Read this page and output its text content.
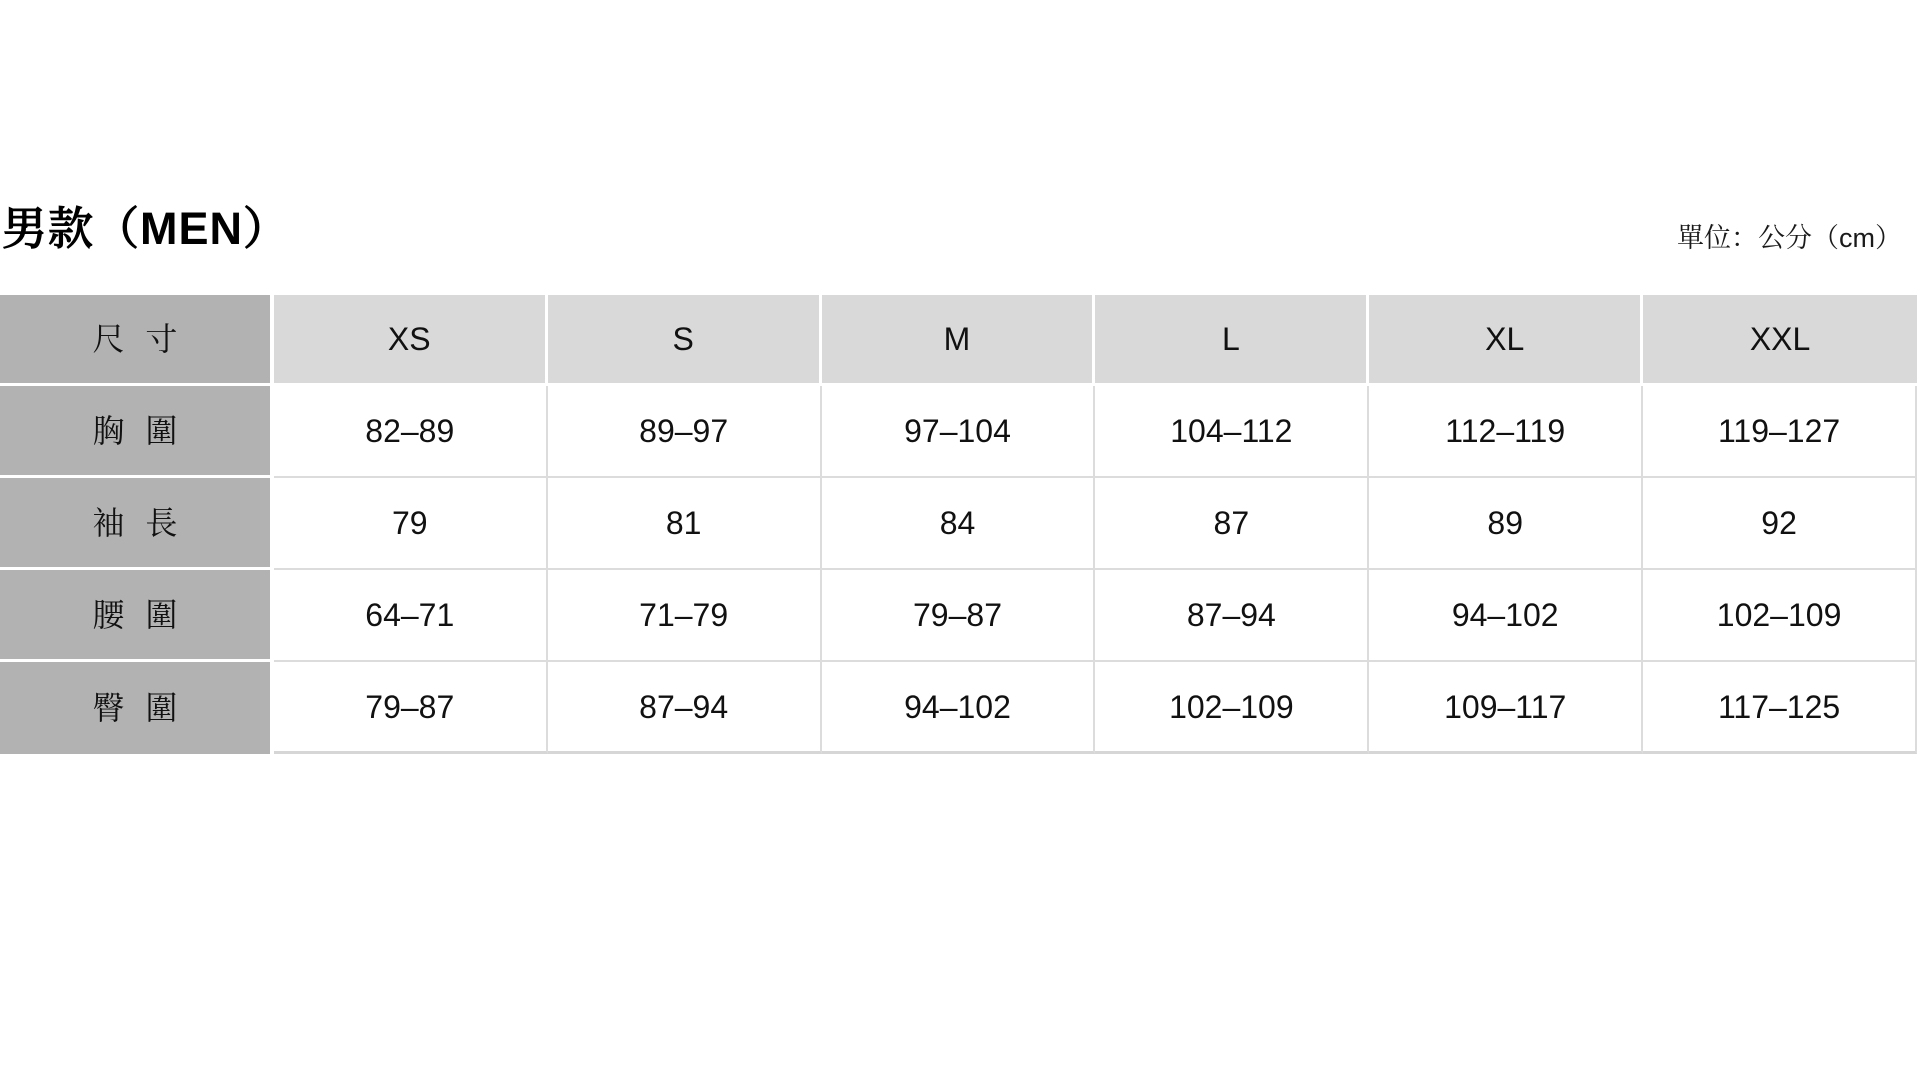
男款（MEN）	單位：公分（cm）
尺 寸	XS	S	M	L	XL	XXL
胸 圍	82–89	89–97	97–104	104–112	112–119	119–127
袖 長	79	81	84	87	89	92
腰 圍	64–71	71–79	79–87	87–94	94–102	102–109
臀 圍	79–87	87–94	94–102	102–109	109–117	117–125
